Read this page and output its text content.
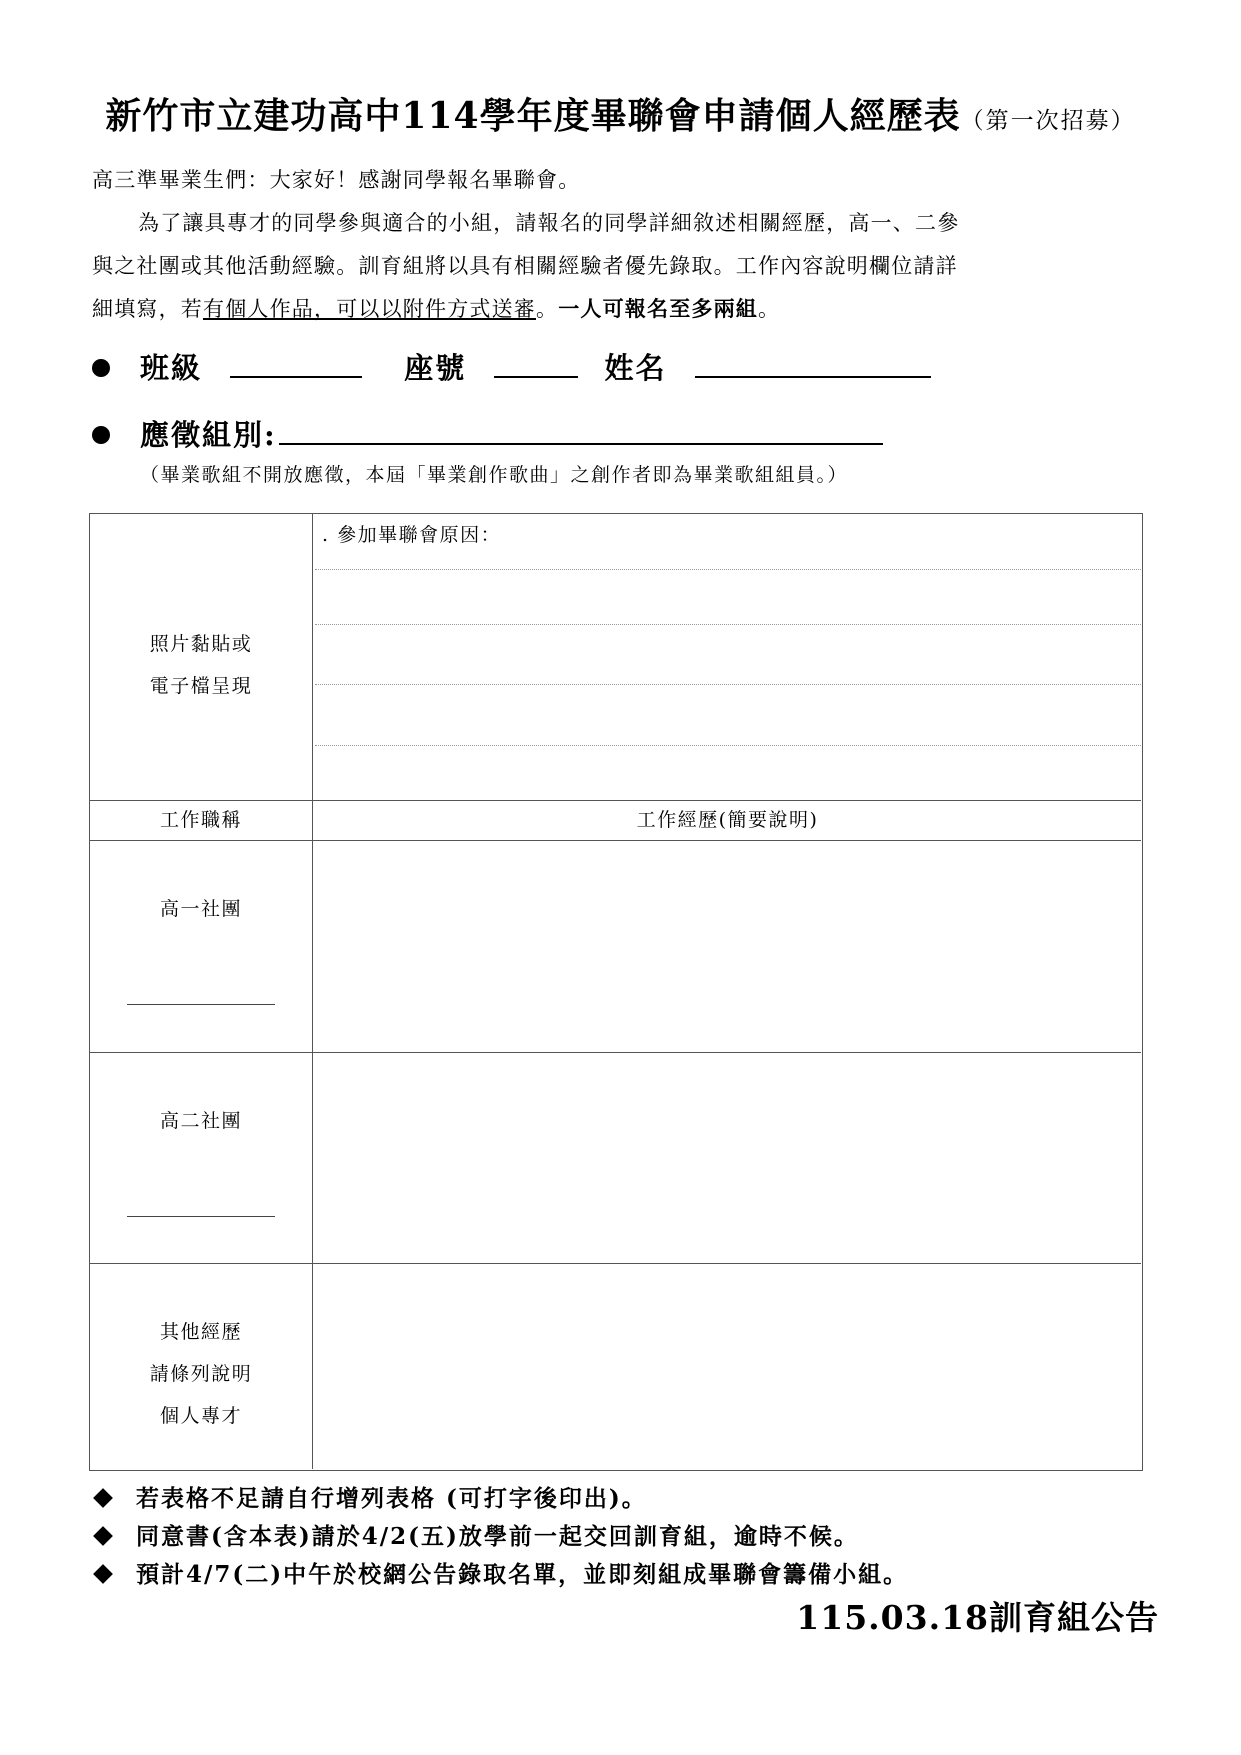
新竹市立建功高中114學年度畢聯會申請個人經歷表（第一次招募）
高三準畢業生們：大家好！感謝同學報名畢聯會。
為了讓具專才的同學參與適合的小組，請報名的同學詳細敘述相關經歷，高一、二參
與之社團或其他活動經驗。訓育組將以具有相關經驗者優先錄取。工作內容說明欄位請詳
細填寫，若有個人作品，可以以附件方式送審。一人可報名至多兩組。
班級	座號	姓名
應徵組別:
（畢業歌組不開放應徵，本屆「畢業創作歌曲」之創作者即為畢業歌組組員。）
照片黏貼或
電子檔呈現
. 參加畢聯會原因：
工作職稱	工作經歷(簡要說明)
高一社團
高二社團
其他經歷
請條列說明
個人專才
若表格不足請自行增列表格 (可打字後印出)。
同意書(含本表)請於4/2(五)放學前一起交回訓育組，逾時不候。
預計4/7(二)中午於校網公告錄取名單，並即刻組成畢聯會籌備小組。
115.03.18訓育組公告
